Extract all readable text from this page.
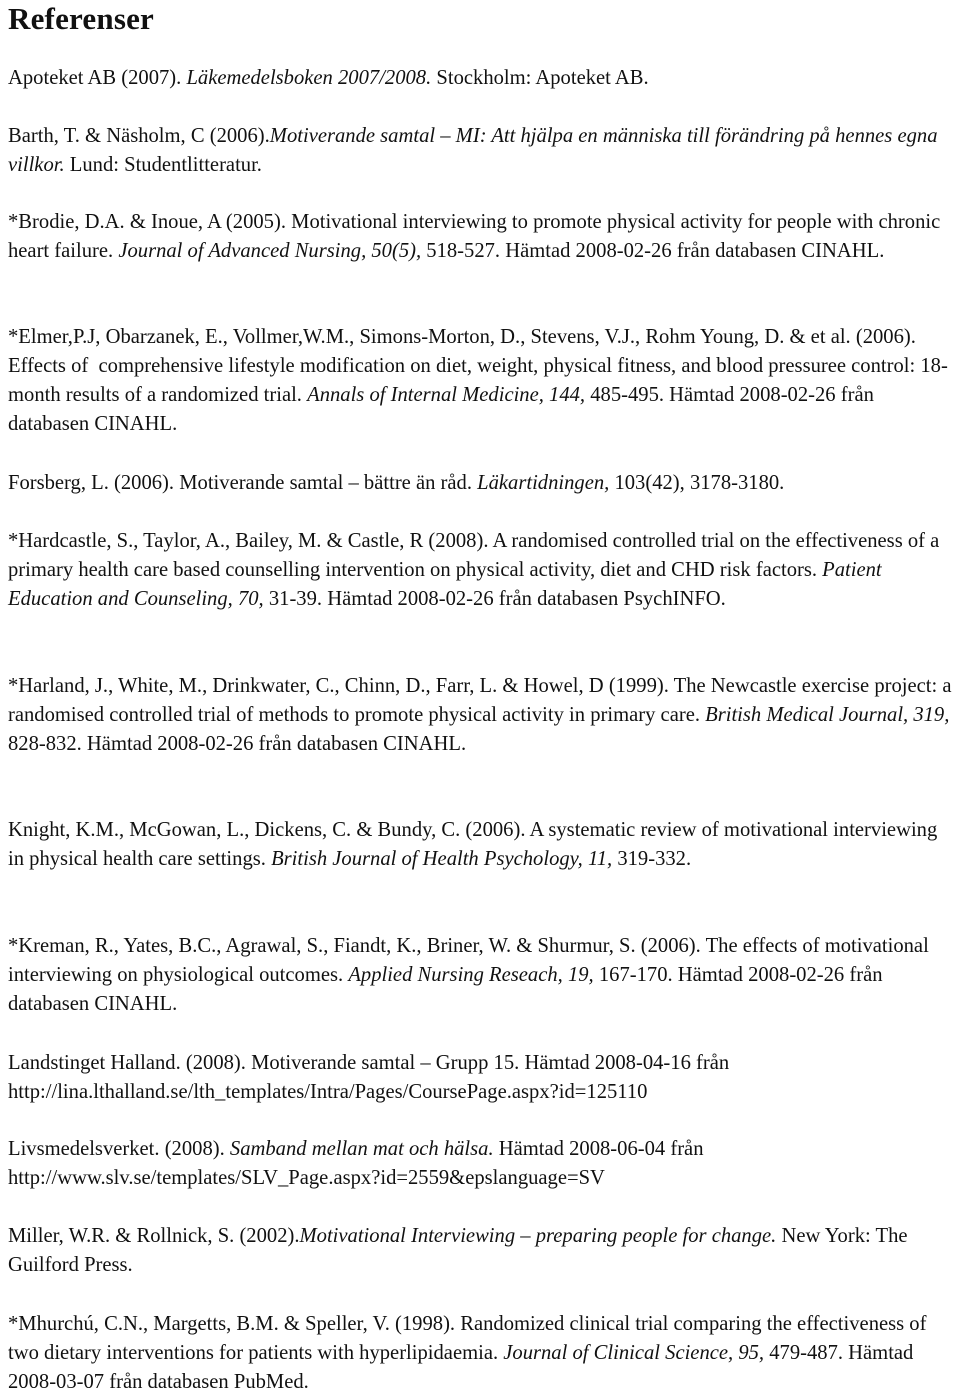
Referenser

Apoteket AB (2007). Läkemedelsboken 2007/2008. Stockholm: Apoteket AB.

Barth, T. & Näsholm, C (2006).Motiverande samtal – MI: Att hjälpa en människa till förändring på hennes egna villkor. Lund: Studentlitteratur.

*Brodie, D.A. & Inoue, A (2005). Motivational interviewing to promote physical activity for people with chronic heart failure. Journal of Advanced Nursing, 50(5), 518-527. Hämtad 2008-02-26 från databasen CINAHL.

*Elmer,P.J, Obarzanek, E., Vollmer,W.M., Simons-Morton, D., Stevens, V.J., Rohm Young, D. & et al. (2006). Effects of  comprehensive lifestyle modification on diet, weight, physical fitness, and blood pressuree control: 18-month results of a randomized trial. Annals of Internal Medicine, 144, 485-495. Hämtad 2008-02-26 från databasen CINAHL.

Forsberg, L. (2006). Motiverande samtal – bättre än råd. Läkartidningen, 103(42), 3178-3180.

*Hardcastle, S., Taylor, A., Bailey, M. & Castle, R (2008). A randomised controlled trial on the effectiveness of a primary health care based counselling intervention on physical activity, diet and CHD risk factors. Patient Education and Counseling, 70, 31-39. Hämtad 2008-02-26 från databasen PsychINFO.

*Harland, J., White, M., Drinkwater, C., Chinn, D., Farr, L. & Howel, D (1999). The Newcastle exercise project: a randomised controlled trial of methods to promote physical activity in primary care. British Medical Journal, 319, 828-832. Hämtad 2008-02-26 från databasen CINAHL.

Knight, K.M., McGowan, L., Dickens, C. & Bundy, C. (2006). A systematic review of motivational interviewing in physical health care settings. British Journal of Health Psychology, 11, 319-332.

*Kreman, R., Yates, B.C., Agrawal, S., Fiandt, K., Briner, W. & Shurmur, S. (2006). The effects of motivational interviewing on physiological outcomes. Applied Nursing Reseach, 19, 167-170. Hämtad 2008-02-26 från databasen CINAHL.

Landstinget Halland. (2008). Motiverande samtal – Grupp 15. Hämtad 2008-04-16 från http://lina.lthalland.se/lth_templates/Intra/Pages/CoursePage.aspx?id=125110

Livsmedelsverket. (2008). Samband mellan mat och hälsa. Hämtad 2008-06-04 från http://www.slv.se/templates/SLV_Page.aspx?id=2559&epslanguage=SV

Miller, W.R. & Rollnick, S. (2002).Motivational Interviewing – preparing people for change. New York: The Guilford Press.

*Mhurchú, C.N., Margetts, B.M. & Speller, V. (1998). Randomized clinical trial comparing the effectiveness of two dietary interventions for patients with hyperlipidaemia. Journal of Clinical Science, 95, 479-487. Hämtad 2008-03-07 från databasen PubMed.
